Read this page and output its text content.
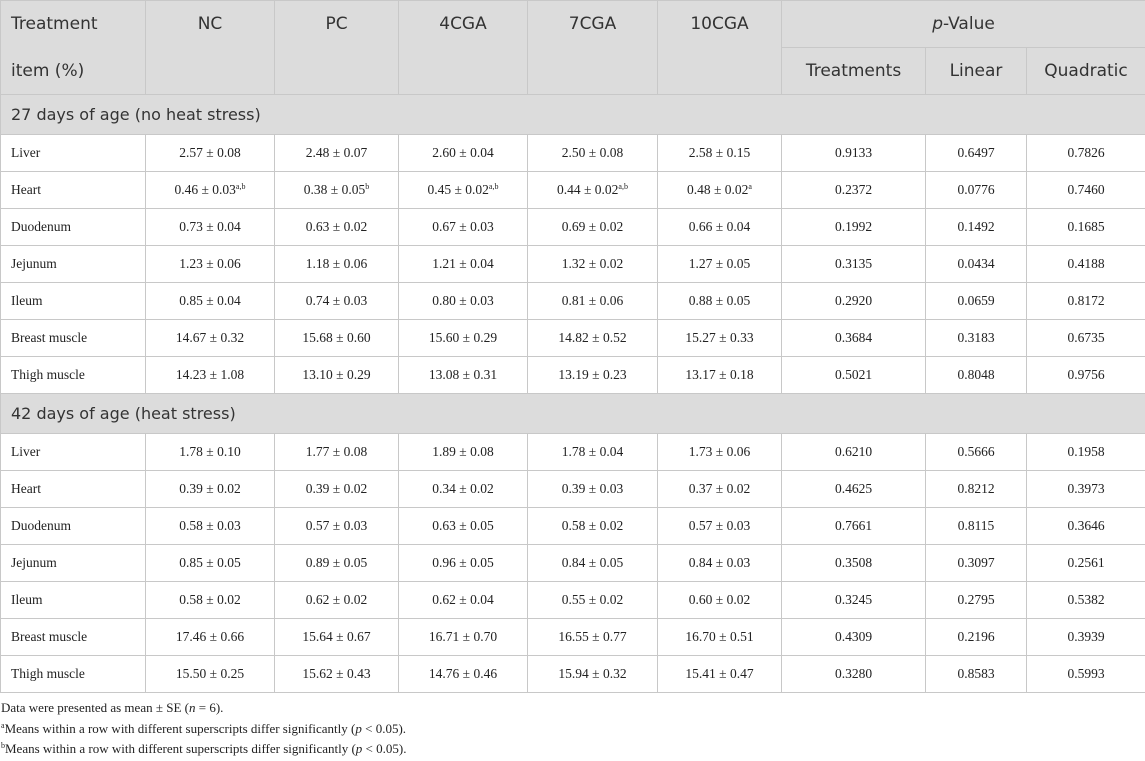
Treatment	NC	PC	4CGA	7CGA	10CGA	p-Value		
item (%)						Treatments	Linear	Quadratic
27 days of age (no heat stress)								
Liver	2.57 ± 0.08	2.48 ± 0.07	2.60 ± 0.04	2.50 ± 0.08	2.58 ± 0.15	0.9133	0.6497	0.7826
Heart	$0.46 \pm 0.03^{a,b}$	0.38 ± 0.05$^b$	$0.45 \pm 0.02^{a,b}$	$0.44 \pm 0.02^{a,b}$	0.48 ± 0.02$^a$	0.2372	0.0776	0.7460
Duodenum	0.73 ± 0.04	0.63 ± 0.02	0.67 ± 0.03	0.69 ± 0.02	0.66 ± 0.04	0.1992	0.1492	0.1685
Jejunum	1.23 ± 0.06	1.18 ± 0.06	1.21 ± 0.04	1.32 ± 0.02	1.27 ± 0.05	0.3135	0.0434	0.4188
Ileum	0.85 ± 0.04	0.74 ± 0.03	0.80 ± 0.03	0.81 ± 0.06	0.88 ± 0.05	0.2920	0.0659	0.8172
Breast muscle	14.67 ± 0.32	15.68 ± 0.60	15.60 ± 0.29	14.82 ± 0.52	15.27 ± 0.33	0.3684	0.3183	0.6735
Thigh muscle	14.23 ± 1.08	13.10 ± 0.29	13.08 ± 0.31	13.19 ± 0.23	13.17 ± 0.18	0.5021	0.8048	0.9756
42 days of age (heat stress)								
Liver	1.78 ± 0.10	1.77 ± 0.08	1.89 ± 0.08	1.78 ± 0.04	1.73 ± 0.06	0.6210	0.5666	0.1958
Heart	0.39 ± 0.02	0.39 ± 0.02	0.34 ± 0.02	0.39 ± 0.03	0.37 ± 0.02	0.4625	0.8212	0.3973
Duodenum	0.58 ± 0.03	0.57 ± 0.03	0.63 ± 0.05	0.58 ± 0.02	0.57 ± 0.03	0.7661	0.8115	0.3646
Jejunum	0.85 ± 0.05	0.89 ± 0.05	0.96 ± 0.05	0.84 ± 0.05	0.84 ± 0.03	0.3508	0.3097	0.2561
Ileum	0.58 ± 0.02	0.62 ± 0.02	0.62 ± 0.04	0.55 ± 0.02	0.60 ± 0.02	0.3245	0.2795	0.5382
Breast muscle	17.46 ± 0.66	15.64 ± 0.67	16.71 ± 0.70	16.55 ± 0.77	16.70 ± 0.51	0.4309	0.2196	0.3939
Thigh muscle	15.50 ± 0.25	15.62 ± 0.43	14.76 ± 0.46	15.94 ± 0.32	15.41 ± 0.47	0.3280	0.8583	0.5993
Data were presented as mean ± SE (n = 6).
$^a$Means within a row with different superscripts differ significantly (p < 0.05).
$^b$Means within a row with different superscripts differ significantly (p < 0.05).
